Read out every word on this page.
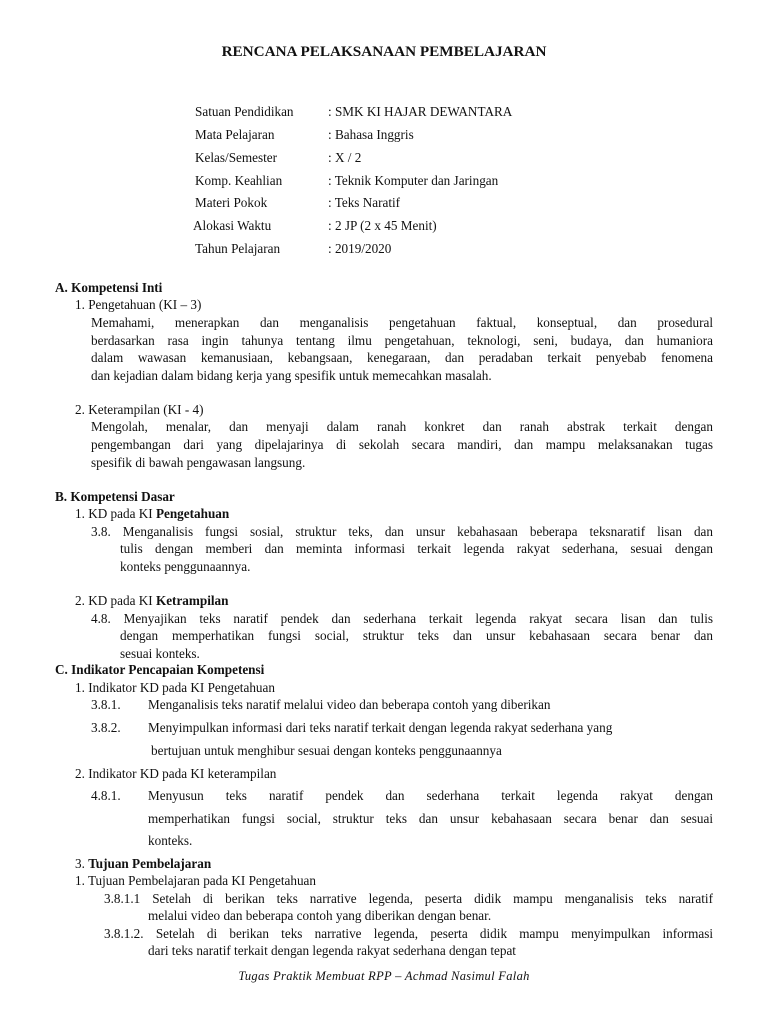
RENCANA PELAKSANAAN PEMBELAJARAN
Satuan Pendidikan	: SMK KI HAJAR DEWANTARA
Mata Pelajaran	: Bahasa Inggris
Kelas/Semester	: X / 2
Komp. Keahlian	: Teknik Komputer dan Jaringan
Materi Pokok	: Teks Naratif
Alokasi Waktu	: 2 JP (2 x 45 Menit)
Tahun Pelajaran	: 2019/2020
A. Kompetensi Inti
1. Pengetahuan (KI – 3)
Memahami, menerapkan dan menganalisis pengetahuan faktual, konseptual, dan prosedural
berdasarkan rasa ingin tahunya tentang ilmu pengetahuan, teknologi, seni, budaya, dan humaniora
dalam wawasan kemanusiaan, kebangsaan, kenegaraan, dan peradaban terkait penyebab fenomena
dan kejadian dalam bidang kerja yang spesifik untuk memecahkan masalah.
2. Keterampilan (KI - 4)
Mengolah, menalar, dan menyaji dalam ranah konkret dan ranah abstrak terkait dengan
pengembangan dari yang dipelajarinya di sekolah secara mandiri, dan mampu melaksanakan tugas
spesifik di bawah pengawasan langsung.
B. Kompetensi Dasar
1. KD pada KI Pengetahuan
3.8. Menganalisis fungsi sosial, struktur teks, dan unsur kebahasaan beberapa teksnaratif lisan dan
tulis dengan memberi dan meminta informasi terkait legenda rakyat sederhana, sesuai dengan
konteks penggunaannya.
2. KD pada KI Ketrampilan
4.8. Menyajikan teks naratif pendek dan sederhana terkait legenda rakyat secara lisan dan tulis
dengan memperhatikan fungsi social, struktur teks dan unsur kebahasaan secara benar dan
sesuai konteks.
C. Indikator Pencapaian Kompetensi
1. Indikator KD pada KI Pengetahuan
3.8.1. Menganalisis teks naratif melalui video dan beberapa contoh yang diberikan
3.8.2. Menyimpulkan informasi dari teks naratif terkait dengan legenda rakyat sederhana yang
bertujuan untuk menghibur sesuai dengan konteks penggunaannya
2. Indikator KD pada KI keterampilan
4.8.1. Menyusun teks naratif pendek dan sederhana terkait legenda rakyat dengan
memperhatikan fungsi social, struktur teks dan unsur kebahasaan secara benar dan sesuai
konteks.
3. Tujuan Pembelajaran
1. Tujuan Pembelajaran pada KI Pengetahuan
3.8.1.1 Setelah di berikan teks narrative legenda, peserta didik mampu menganalisis teks naratif
melalui video dan beberapa contoh yang diberikan dengan benar.
3.8.1.2. Setelah di berikan teks narrative legenda, peserta didik mampu menyimpulkan informasi
dari teks naratif terkait dengan legenda rakyat sederhana dengan tepat
Tugas Praktik Membuat RPP – Achmad Nasimul Falah
